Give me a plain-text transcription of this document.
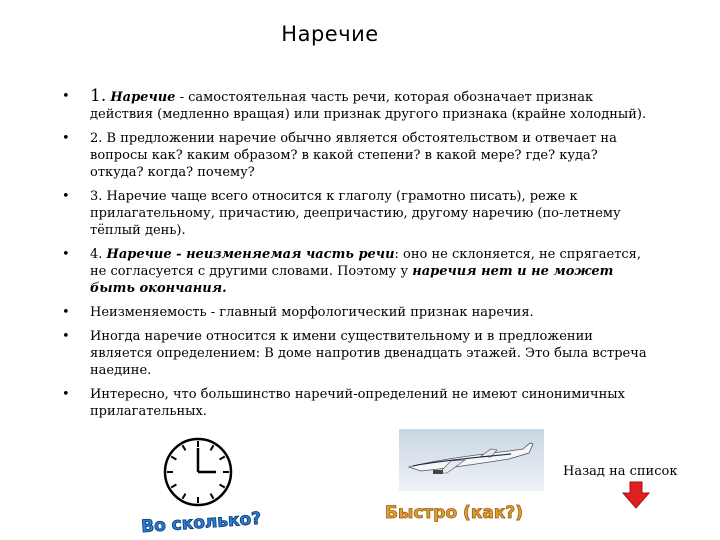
Наречие
• 1. Наречие - самостоятельная часть речи, которая обозначает признак действия (медленно вращая) или признак другого признака (крайне холодный).
• 2. В предложении наречие обычно является обстоятельством и отвечает на вопросы как? каким образом? в какой степени? в какой мере? где? куда? откуда? когда? почему?
• 3. Наречие чаще всего относится к глаголу (грамотно писать), реже к прилагательному, причастию, деепричастию, другому наречию (по-летнему тёплый день).
• 4. Наречие - неизменяемая часть речи: оно не склоняется, не спрягается, не согласуется с другими словами. Поэтому у наречия нет и не может быть окончания.
• Неизменяемость - главный морфологический признак наречия.
• Иногда наречие относится к имени существительному и в предложении является определением: В доме напротив двенадцать этажей. Это была встреча наедине.
• Интересно, что большинство наречий-определений не имеют синонимичных прилагательных.
Во сколько?	Быстро (как?)
Назад на список
